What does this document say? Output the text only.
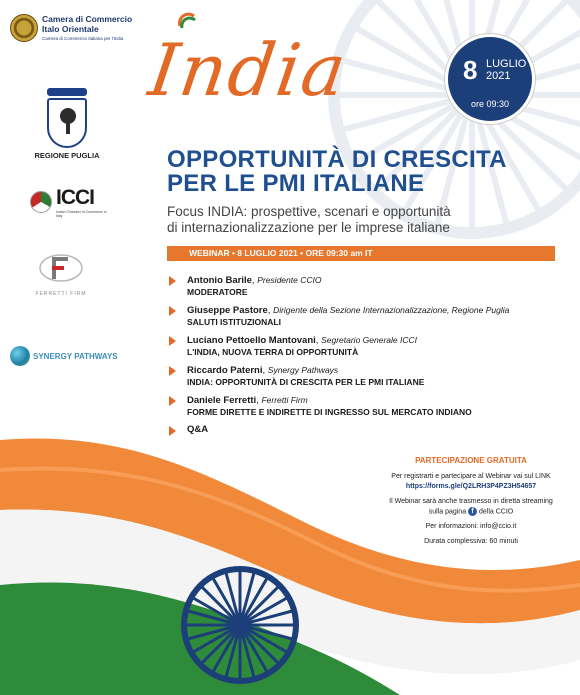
Camera di Commercio
Italo Orientale
Camera di Commercio Italiana per l'India
REGIONE PUGLIA
ICCI
Indian Chamber of Commerce in Italy
FERRETTI FIRM
SYNERGY PATHWAYS
India	8 LUGLIO
2021
ore 09:30
OPPORTUNITÀ DI CRESCITA
PER LE PMI ITALIANE
Focus INDIA: prospettive, scenari e opportunità
di internazionalizzazione per le imprese italiane
WEBINAR • 8 LUGLIO 2021 • ORE 09:30 am IT
Antonio Barile, Presidente CCIO
MODERATORE
Giuseppe Pastore, Dirigente della Sezione Internazionalizzazione, Regione Puglia
SALUTI ISTITUZIONALI
Luciano Pettoello Mantovani, Segretario Generale ICCI
L'INDIA, NUOVA TERRA DI OPPORTUNITÀ
Riccardo Paterni, Synergy Pathways
INDIA: OPPORTUNITÀ DI CRESCITA PER LE PMI ITALIANE
Daniele Ferretti, Ferretti Firm
FORME DIRETTE E INDIRETTE DI INGRESSO SUL MERCATO INDIANO
Q&A
PARTECIPAZIONE GRATUITA
Per registrarti e partecipare al Webinar vai sul LINK
https://forms.gle/Q2LRH3P4PZ3H54657
Il Webinar sarà anche trasmesso in diretta streaming
sulla pagina f della CCIO
Per informazioni: info@ccio.it
Durata complessiva: 60 minuti
